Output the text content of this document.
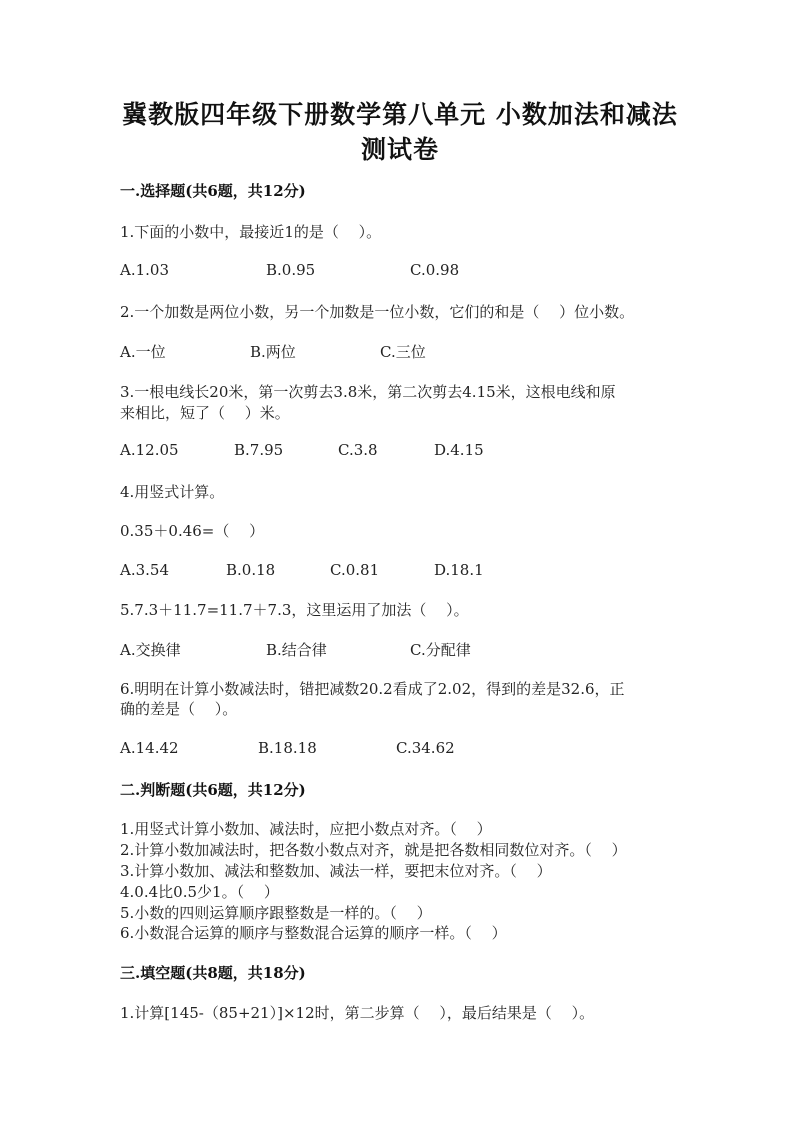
冀教版四年级下册数学第八单元 小数加法和减法
测试卷
一.选择题(共6题，共12分)
1.下面的小数中，最接近1的是（　 ）。
A.1.03	B.0.95	C.0.98
2.一个加数是两位小数，另一个加数是一位小数，它们的和是（　 ）位小数。
A.一位	B.两位	C.三位
3.一根电线长20米，第一次剪去3.8米，第二次剪去4.15米，这根电线和原
来相比，短了（　 ）米。
A.12.05	B.7.95	C.3.8	D.4.15
4.用竖式计算。
0.35＋0.46=（　 ）
A.3.54	B.0.18	C.0.81	D.18.1
5.7.3＋11.7=11.7＋7.3，这里运用了加法（　 ）。
A.交换律	B.结合律	C.分配律
6.明明在计算小数减法时，错把减数20.2看成了2.02，得到的差是32.6，正
确的差是（　 ）。
A.14.42	B.18.18	C.34.62
二.判断题(共6题，共12分)
1.用竖式计算小数加、减法时，应把小数点对齐。（　 ）
2.计算小数加减法时，把各数小数点对齐，就是把各数相同数位对齐。（　 ）
3.计算小数加、减法和整数加、减法一样，要把末位对齐。（　 ）
4.0.4比0.5少1。（　 ）
5.小数的四则运算顺序跟整数是一样的。（　 ）
6.小数混合运算的顺序与整数混合运算的顺序一样。（　 ）
三.填空题(共8题，共18分)
1.计算[145-（85+21）]×12时，第二步算（　 ），最后结果是（　 ）。
